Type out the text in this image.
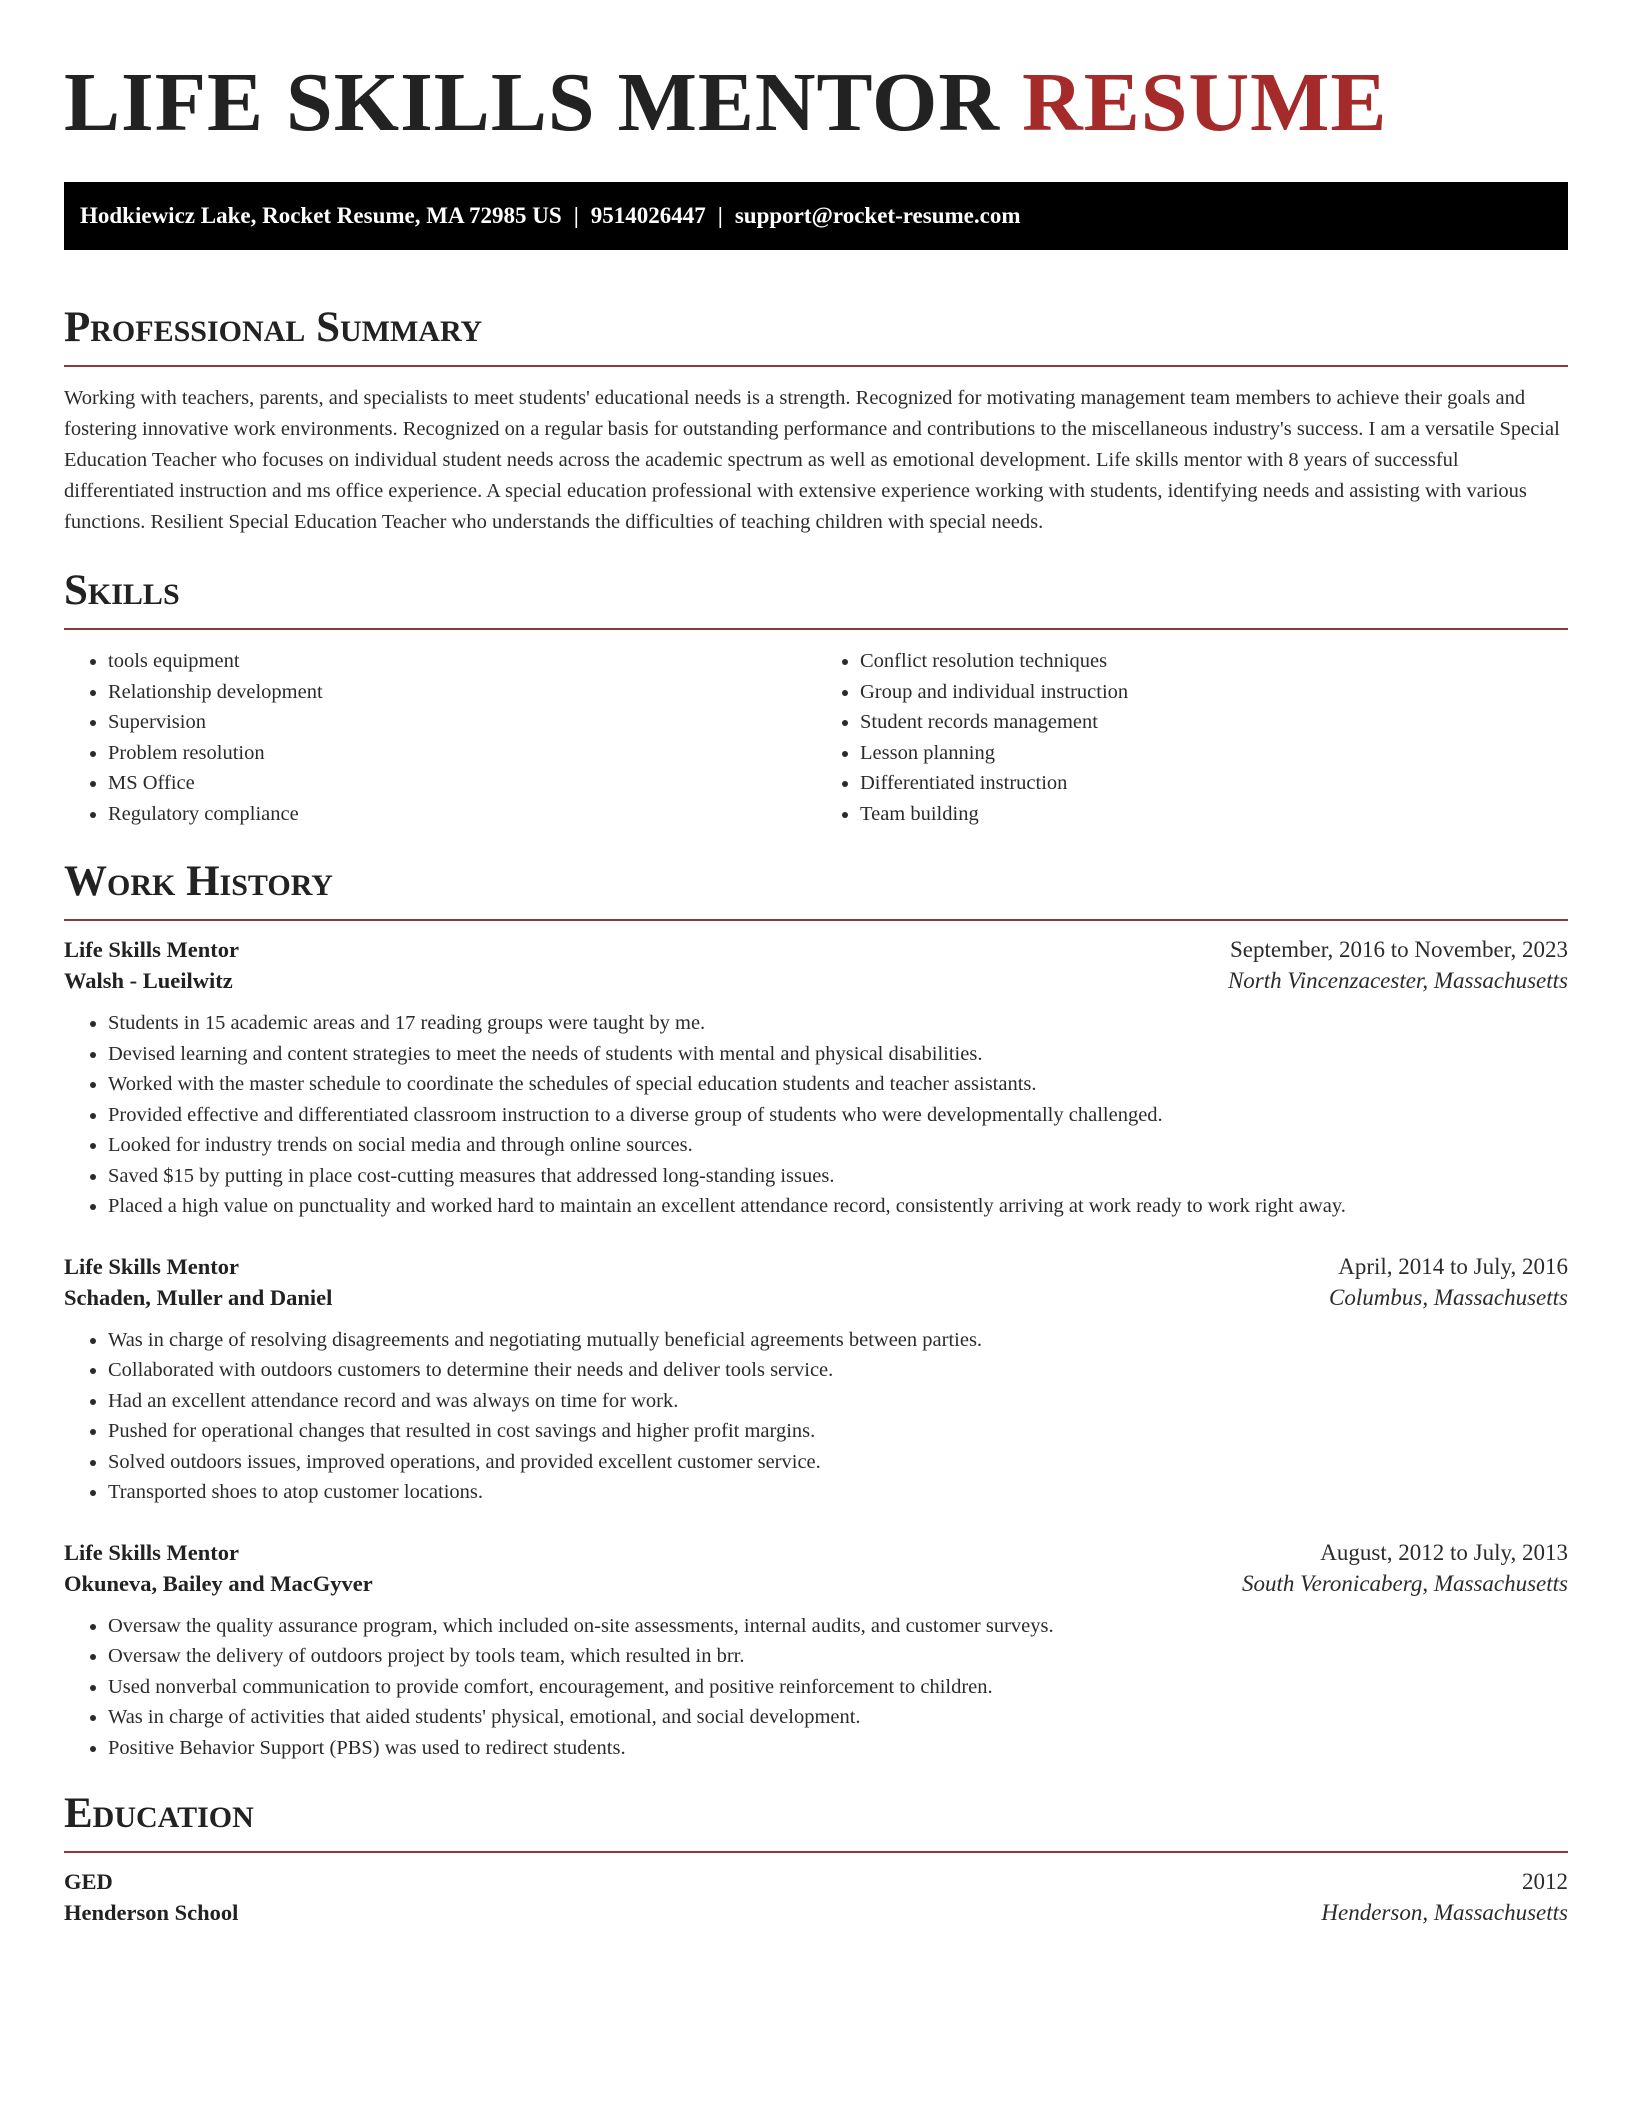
LIFE SKILLS MENTOR RESUME
Hodkiewicz Lake, Rocket Resume, MA 72985 US | 9514026447 | support@rocket-resume.com
Professional Summary

Working with teachers, parents, and specialists to meet students' educational needs is a strength. Recognized for motivating management team members to achieve their goals and fostering innovative work environments. Recognized on a regular basis for outstanding performance and contributions to the miscellaneous industry's success. I am a versatile Special Education Teacher who focuses on individual student needs across the academic spectrum as well as emotional development. Life skills mentor with 8 years of successful differentiated instruction and ms office experience. A special education professional with extensive experience working with students, identifying needs and assisting with various functions. Resilient Special Education Teacher who understands the difficulties of teaching children with special needs.

Skills
• tools equipment
• Relationship development
• Supervision
• Problem resolution
• MS Office
• Regulatory compliance
• Conflict resolution techniques
• Group and individual instruction
• Student records management
• Lesson planning
• Differentiated instruction
• Team building
Work History
Life Skills Mentor	September, 2016 to November, 2023
Walsh - Lueilwitz	North Vincenzacester, Massachusetts
• Students in 15 academic areas and 17 reading groups were taught by me.
• Devised learning and content strategies to meet the needs of students with mental and physical disabilities.
• Worked with the master schedule to coordinate the schedules of special education students and teacher assistants.
• Provided effective and differentiated classroom instruction to a diverse group of students who were developmentally challenged.
• Looked for industry trends on social media and through online sources.
• Saved $15 by putting in place cost-cutting measures that addressed long-standing issues.
• Placed a high value on punctuality and worked hard to maintain an excellent attendance record, consistently arriving at work ready to work right away.
Life Skills Mentor	April, 2014 to July, 2016
Schaden, Muller and Daniel	Columbus, Massachusetts
• Was in charge of resolving disagreements and negotiating mutually beneficial agreements between parties.
• Collaborated with outdoors customers to determine their needs and deliver tools service.
• Had an excellent attendance record and was always on time for work.
• Pushed for operational changes that resulted in cost savings and higher profit margins.
• Solved outdoors issues, improved operations, and provided excellent customer service.
• Transported shoes to atop customer locations.
Life Skills Mentor	August, 2012 to July, 2013
Okuneva, Bailey and MacGyver	South Veronicaberg, Massachusetts
• Oversaw the quality assurance program, which included on-site assessments, internal audits, and customer surveys.
• Oversaw the delivery of outdoors project by tools team, which resulted in brr.
• Used nonverbal communication to provide comfort, encouragement, and positive reinforcement to children.
• Was in charge of activities that aided students' physical, emotional, and social development.
• Positive Behavior Support (PBS) was used to redirect students.
Education
GED	2012
Henderson School	Henderson, Massachusetts
